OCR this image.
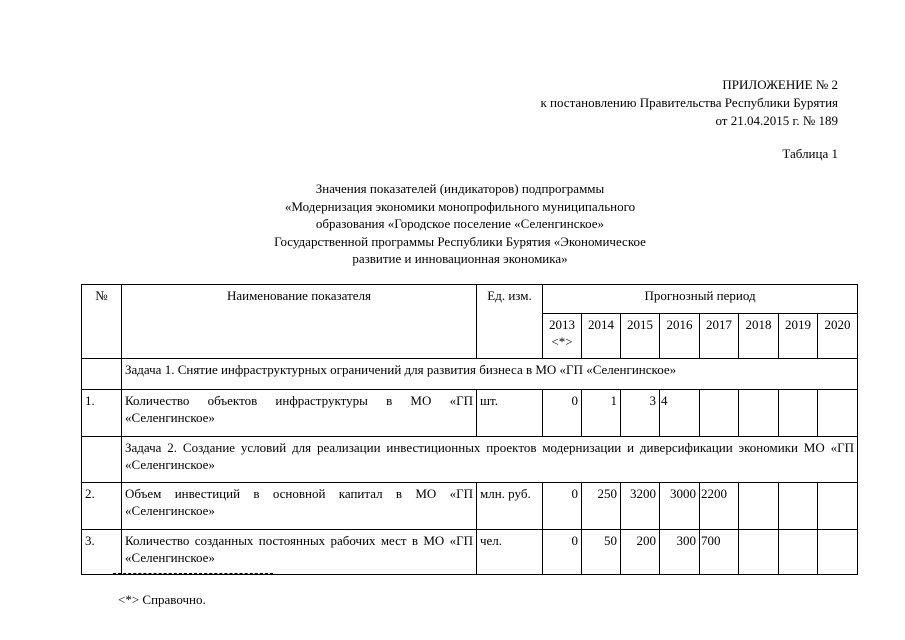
ПРИЛОЖЕНИЕ № 2
к постановлению Правительства Республики Бурятия
от 21.04.2015 г. № 189
Таблица 1
Значения показателей (индикаторов) подпрограммы
«Модернизация экономики монопрофильного муниципального
образования «Городское поселение «Селенгинское»
Государственной программы Республики Бурятия «Экономическое
развитие и инновационная экономика»
№	Наименование показателя	Ед. изм.	Прогнозный период							
			2013 <*>	2014	2015	2016	2017	2018	2019	2020
	Задача 1. Снятие инфраструктурных ограничений для развития бизнеса в МО «ГП «Селенгинское»									
1.	Количество объектов инфраструктуры в МО «ГП «Селенгинское»	шт.	0	1	3	4				
	Задача 2. Создание условий для реализации инвестиционных проектов модернизации и диверсификации экономики МО «ГП «Селенгинское»									
2.	Объем инвестиций в основной капитал в МО «ГП «Селенгинское»	млн. руб.	0	250	3200	3000	2200			
3.	Количество созданных постоянных рабочих мест в МО «ГП «Селенгинское»	чел.	0	50	200	300	700			
<*> Справочно.
